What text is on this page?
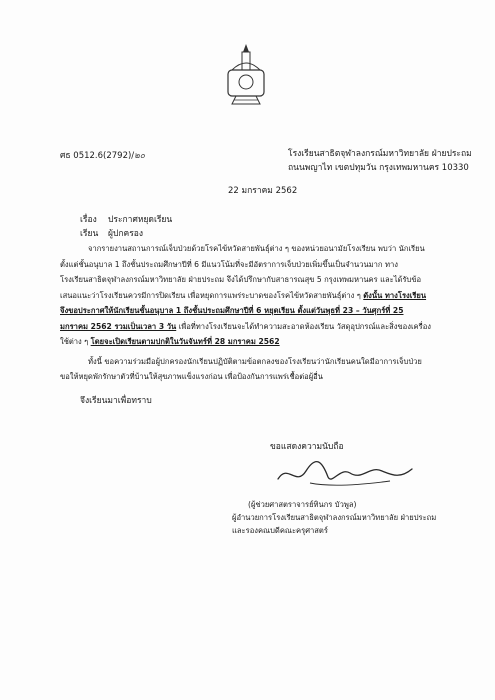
ศธ 0512.6(2792)/๒๐	โรงเรียนสาธิตจุฬาลงกรณ์มหาวิทยาลัย ฝ่ายประถม
ถนนพญาไท เขตปทุมวัน กรุงเทพมหานคร 10330
22 มกราคม 2562
เรื่อง	ประกาศหยุดเรียน
เรียน	ผู้ปกครอง

จากรายงานสถานการณ์เจ็บป่วยด้วยโรคไข้หวัดสายพันธุ์ต่าง ๆ ของหน่วยอนามัยโรงเรียน พบว่า นักเรียนตั้งแต่ชั้นอนุบาล 1 ถึงชั้นประถมศึกษาปีที่ 6 มีแนวโน้มที่จะมีอัตราการเจ็บป่วยเพิ่มขึ้นเป็นจำนวนมาก ทางโรงเรียนสาธิตจุฬาลงกรณ์มหาวิทยาลัย ฝ่ายประถม จึงได้ปรึกษากับสาธารณสุข 5 กรุงเทพมหานคร และได้รับข้อเสนอแนะว่าโรงเรียนควรมีการปิดเรียน เพื่อหยุดการแพร่ระบาดของโรคไข้หวัดสายพันธุ์ต่าง ๆ ดังนั้น ทางโรงเรียนจึงขอประกาศให้นักเรียนชั้นอนุบาล 1 ถึงชั้นประถมศึกษาปีที่ 6 หยุดเรียน ตั้งแต่วันพุธที่ 23 – วันศุกร์ที่ 25 มกราคม 2562 รวมเป็นเวลา 3 วัน เพื่อที่ทางโรงเรียนจะได้ทำความสะอาดห้องเรียน วัสดุอุปกรณ์และสิ่งของเครื่องใช้ต่าง ๆ โดยจะเปิดเรียนตามปกติในวันจันทร์ที่ 28 มกราคม 2562

ทั้งนี้ ขอความร่วมมือผู้ปกครองนักเรียนปฏิบัติตามข้อตกลงของโรงเรียนว่านักเรียนคนใดมีอาการเจ็บป่วย ขอให้หยุดพักรักษาตัวที่บ้านให้สุขภาพแข็งแรงก่อน เพื่อป้องกันการแพร่เชื้อต่อผู้อื่น

จึงเรียนมาเพื่อทราบ
ขอแสดงความนับถือ
(ผู้ช่วยศาสตราจารย์ทินกร บัวพูล)
ผู้อำนวยการโรงเรียนสาธิตจุฬาลงกรณ์มหาวิทยาลัย ฝ่ายประถม
และรองคณบดีคณะครุศาสตร์
